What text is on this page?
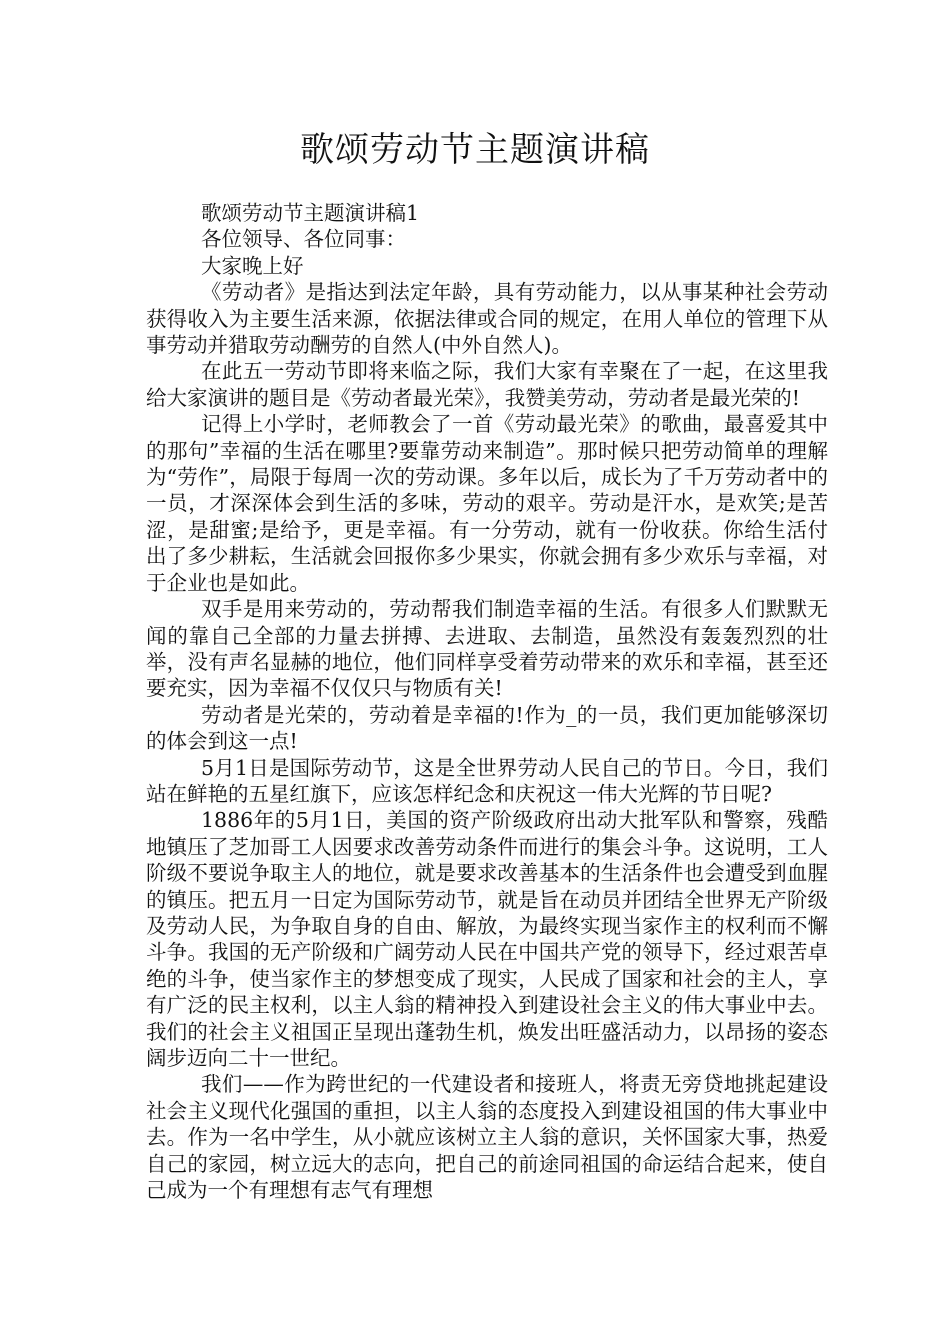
歌颂劳动节主题演讲稿

歌颂劳动节主题演讲稿1

各位领导、各位同事：

大家晚上好

《劳动者》是指达到法定年龄，具有劳动能力，以从事某种社会劳动获得收入为主要生活来源，依据法律或合同的规定，在用人单位的管理下从事劳动并猎取劳动酬劳的自然人(中外自然人)。

在此五一劳动节即将来临之际，我们大家有幸聚在了一起，在这里我给大家演讲的题目是《劳动者最光荣》，我赞美劳动，劳动者是最光荣的!

记得上小学时，老师教会了一首《劳动最光荣》的歌曲，最喜爱其中的那句”幸福的生活在哪里?要靠劳动来制造”。那时候只把劳动简单的理解为“劳作”，局限于每周一次的劳动课。多年以后，成长为了千万劳动者中的一员，才深深体会到生活的多味，劳动的艰辛。劳动是汗水，是欢笑;是苦涩，是甜蜜;是给予，更是幸福。有一分劳动，就有一份收获。你给生活付出了多少耕耘，生活就会回报你多少果实，你就会拥有多少欢乐与幸福，对于企业也是如此。

双手是用来劳动的，劳动帮我们制造幸福的生活。有很多人们默默无闻的靠自己全部的力量去拼搏、去进取、去制造，虽然没有轰轰烈烈的壮举，没有声名显赫的地位，他们同样享受着劳动带来的欢乐和幸福，甚至还要充实，因为幸福不仅仅只与物质有关!

劳动者是光荣的，劳动着是幸福的!作为_的一员，我们更加能够深切的体会到这一点!

5月1日是国际劳动节，这是全世界劳动人民自己的节日。今日，我们站在鲜艳的五星红旗下，应该怎样纪念和庆祝这一伟大光辉的节日呢?

1886年的5月1日，美国的资产阶级政府出动大批军队和警察，残酷地镇压了芝加哥工人因要求改善劳动条件而进行的集会斗争。这说明，工人阶级不要说争取主人的地位，就是要求改善基本的生活条件也会遭受到血腥的镇压。把五月一日定为国际劳动节，就是旨在动员并团结全世界无产阶级及劳动人民，为争取自身的自由、解放，为最终实现当家作主的权利而不懈斗争。我国的无产阶级和广阔劳动人民在中国共产党的领导下，经过艰苦卓绝的斗争，使当家作主的梦想变成了现实，人民成了国家和社会的主人，享有广泛的民主权利，以主人翁的精神投入到建设社会主义的伟大事业中去。我们的社会主义祖国正呈现出蓬勃生机，焕发出旺盛活动力，以昂扬的姿态阔步迈向二十一世纪。

我们——作为跨世纪的一代建设者和接班人，将责无旁贷地挑起建设社会主义现代化强国的重担，以主人翁的态度投入到建设祖国的伟大事业中去。作为一名中学生，从小就应该树立主人翁的意识，关怀国家大事，热爱自己的家园，树立远大的志向，把自己的前途同祖国的命运结合起来，使自己成为一个有理想有志气有理想
